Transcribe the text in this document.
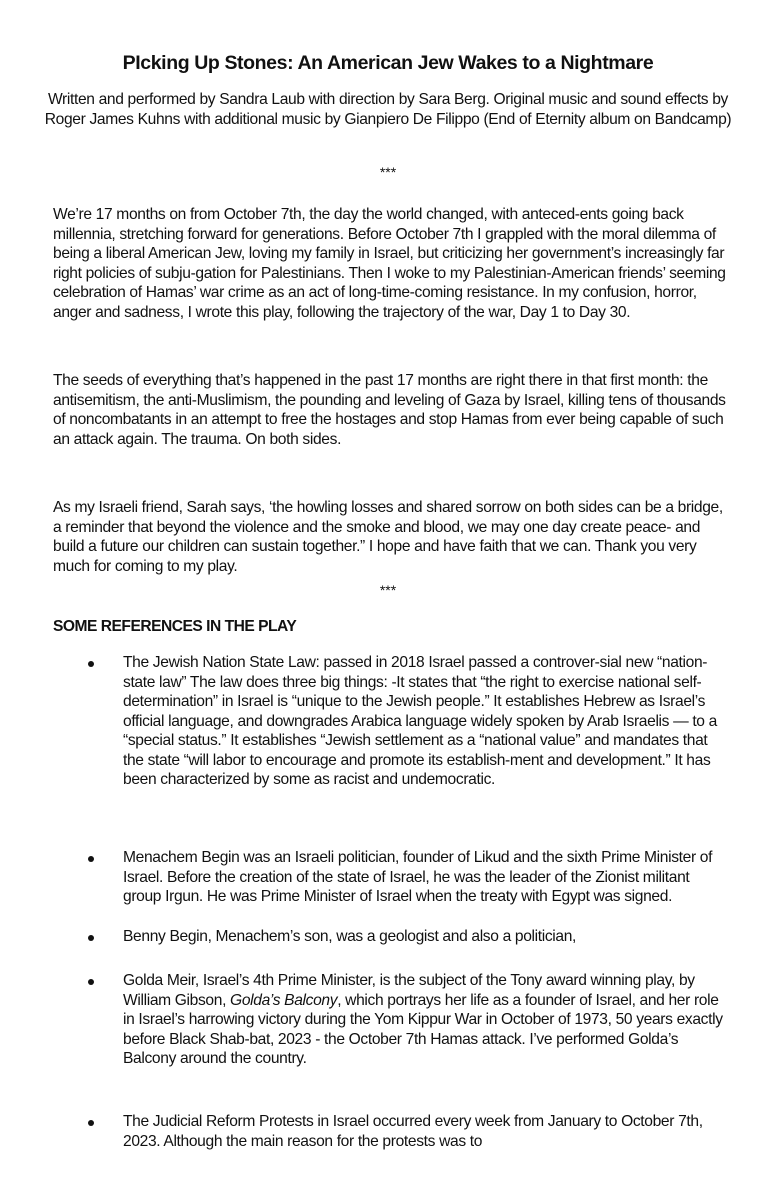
PIcking Up Stones: An American Jew Wakes to a Nightmare
Written and performed by Sandra Laub with direction by Sara Berg. Original music and sound effects by Roger James Kuhns with additional music by Gianpiero De Filippo (End of Eternity album on Bandcamp)
***
We’re 17 months on from October 7th, the day the world changed, with anteced-ents going back millennia, stretching forward for generations. Before October 7th I grappled with the moral dilemma of being a liberal American Jew, loving my family in Israel, but criticizing her government’s increasingly far right policies of subju-gation for Palestinians. Then I woke to my Palestinian-American friends’ seeming celebration of Hamas’ war crime as an act of long-time-coming resistance. In my confusion, horror, anger and sadness, I wrote this play, following the trajectory of the war, Day 1 to Day 30.
The seeds of everything that’s happened in the past 17 months are right there in that first month: the antisemitism, the anti-Muslimism, the pounding and leveling of Gaza by Israel, killing tens of thousands of noncombatants in an attempt to free the hostages and stop Hamas from ever being capable of such an attack again. The trauma. On both sides.
As my Israeli friend, Sarah says, ‘the howling losses and shared sorrow on both sides can be a bridge, a reminder that beyond the violence and the smoke and blood, we may one day create peace- and build a future our children can sustain together.” I hope and have faith that we can. Thank you very much for coming to my play.
***
SOME REFERENCES IN THE PLAY
The Jewish Nation State Law: passed in 2018 Israel passed a controver-sial new “nation-state law” The law does three big things: -It states that “the right to exercise national self-determination” in Israel is “unique to the Jewish people.” It establishes Hebrew as Israel’s official language, and downgrades Arabica language widely spoken by Arab Israelis — to a “special status.” It establishes “Jewish settlement as a “national value” and mandates that the state “will labor to encourage and promote its establish-ment and development.” It has been characterized by some as racist and undemocratic.
Menachem Begin was an Israeli politician, founder of Likud and the sixth Prime Minister of Israel. Before the creation of the state of Israel, he was the leader of the Zionist militant group Irgun. He was Prime Minister of Israel when the treaty with Egypt was signed.
Benny Begin, Menachem’s son, was a geologist and also a politician,
Golda Meir, Israel’s 4th Prime Minister, is the subject of the Tony award winning play, by William Gibson, Golda’s Balcony, which portrays her life as a founder of Israel, and her role in Israel’s harrowing victory during the Yom Kippur War in October of 1973, 50 years exactly before Black Shab-bat, 2023 - the October 7th Hamas attack. I’ve performed Golda’s Balcony around the country.
The Judicial Reform Protests in Israel occurred every week from January to October 7th, 2023. Although the main reason for the protests was to
